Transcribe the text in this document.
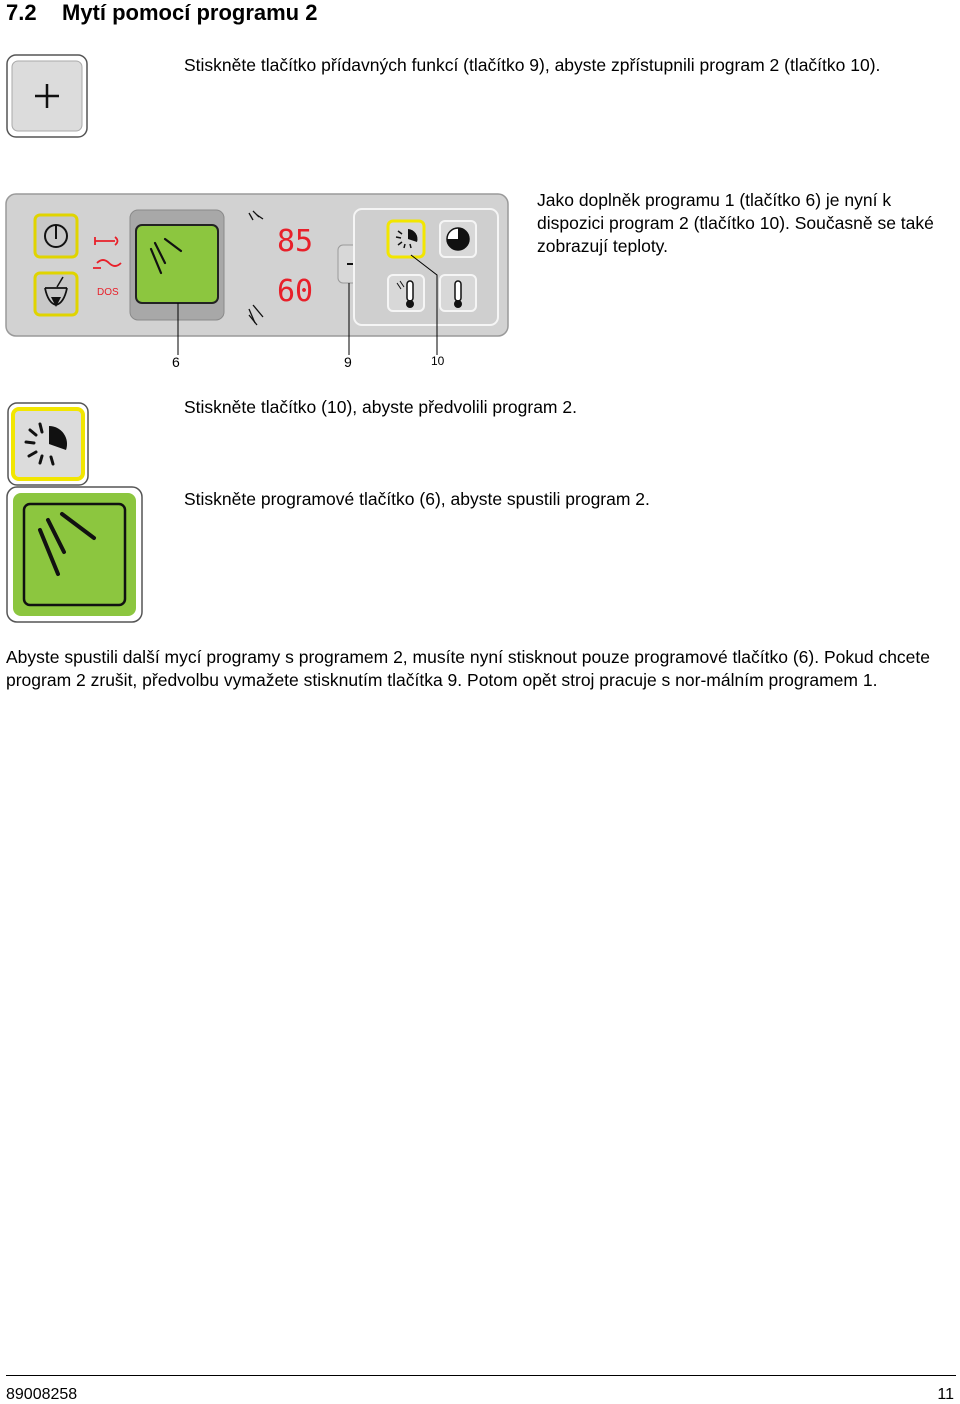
7.2 Mytí pomocí programu 2
Stiskněte tlačítko přídavných funkcí (tlačítko 9), abyste zpřístupnili program 2 (tlačítko 10).
DOS
85
60
6	9	10
Jako doplněk programu 1 (tlačítko 6) je nyní k dispozici program 2 (tlačítko 10). Současně se také zobrazují teploty.
Stiskněte tlačítko (10), abyste předvolili program 2.
Stiskněte programové tlačítko (6), abyste spustili program 2.
Abyste spustili další mycí programy s programem 2, musíte nyní stisknout pouze programové tlačítko (6). Pokud chcete program 2 zrušit, předvolbu vymažete stisknutím tlačítka 9. Potom opět stroj pracuje s nor-málním programem 1.
89008258	11
